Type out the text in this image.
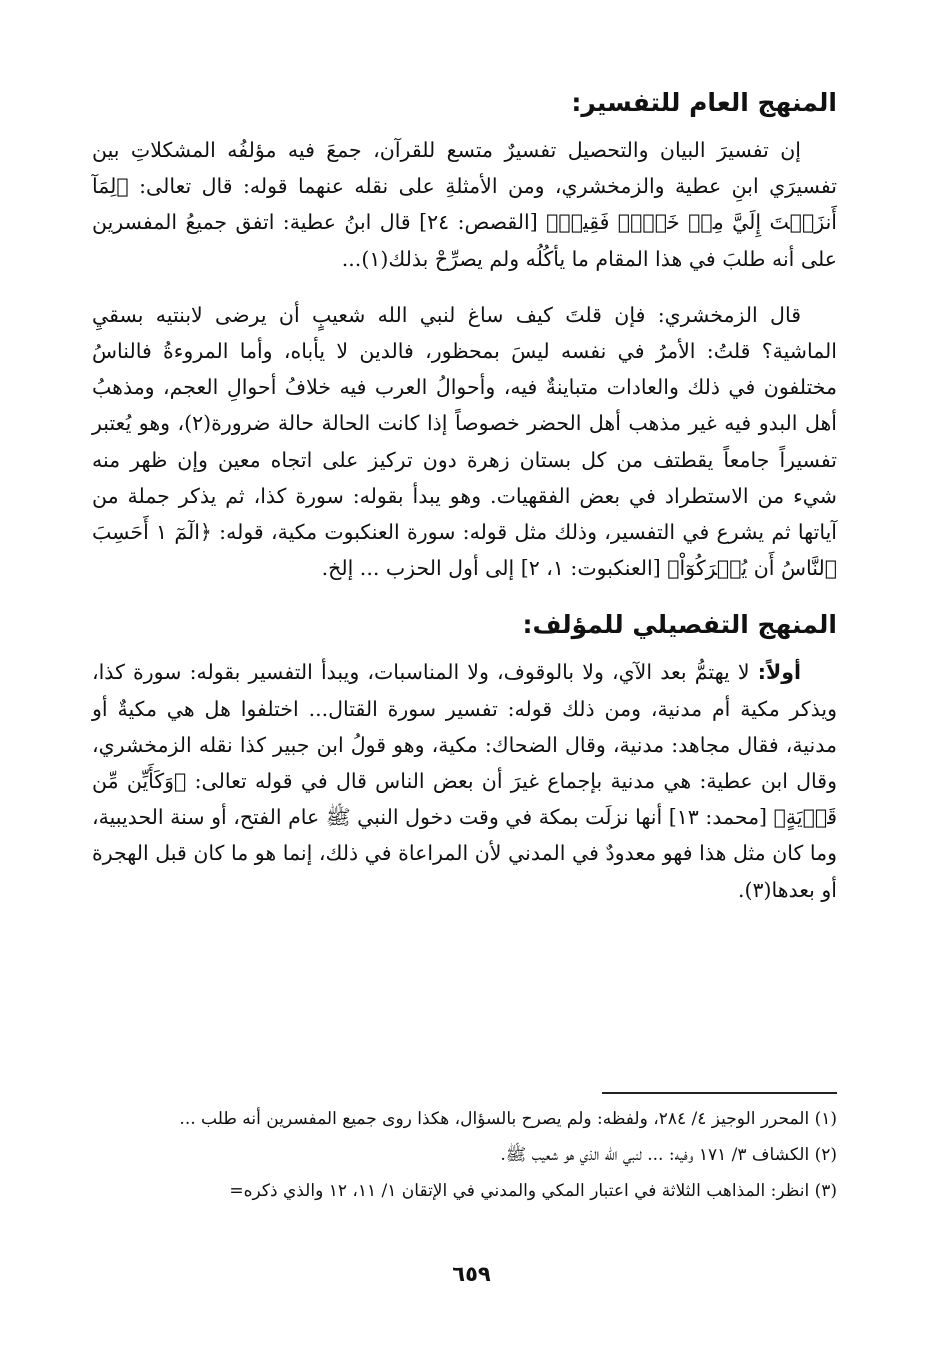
المنهج العام للتفسير:

إن تفسيرَ البيان والتحصيل تفسيرٌ متسع للقرآن، جمعَ فيه مؤلفُه المشكلاتِ بين تفسيرَي ابنِ عطية والزمخشري، ومن الأمثلةِ على نقله عنهما قوله: قال تعالى: ﴿لِمَآ أَنزَلۡتَ إِلَيَّ مِنۡ خَيۡرٖ فَقِيرٞ﴾ [القصص: ٢٤] قال ابنُ عطية: اتفق جميعُ المفسرين على أنه طلبَ في هذا المقام ما يأكُلُه ولم يصرِّحْ بذلك(١)...

قال الزمخشري: فإن قلتَ كيف ساغ لنبي الله شعيبٍ أن يرضى لابنتيه بسقيِ الماشية؟ قلتُ: الأمرُ في نفسه ليسَ بمحظور، فالدين لا يأباه، وأما المروءةُ فالناسُ مختلفون في ذلك والعادات متباينةٌ فيه، وأحوالُ العرب فيه خلافُ أحوالِ العجم، ومذهبُ أهل البدو فيه غير مذهب أهل الحضر خصوصاً إذا كانت الحالة حالة ضرورة(٢)، وهو يُعتبر تفسيراً جامعاً يقطتف من كل بستان زهرة دون تركيز على اتجاه معين وإن ظهر منه شيء من الاستطراد في بعض الفقهيات. وهو يبدأ بقوله: سورة كذا، ثم يذكر جملة من آياتها ثم يشرع في التفسير، وذلك مثل قوله: سورة العنكبوت مكية، قوله: ﴿الٓمٓ ١ أَحَسِبَ ٱلنَّاسُ أَن يُتۡرَكُوٓاْ﴾ [العنكبوت: ١، ٢] إلى أول الحزب ... إلخ.

المنهج التفصيلي للمؤلف:

أولاً: لا يهتمُّ بعد الآي، ولا بالوقوف، ولا المناسبات، ويبدأ التفسير بقوله: سورة كذا، ويذكر مكية أم مدنية، ومن ذلك قوله: تفسير سورة القتال... اختلفوا هل هي مكيةٌ أو مدنية، فقال مجاهد: مدنية، وقال الضحاك: مكية، وهو قولُ ابن جبير كذا نقله الزمخشري، وقال ابن عطية: هي مدنية بإجماع غيرَ أن بعض الناس قال في قوله تعالى: ﴿وَكَأَيِّن مِّن قَرۡيَةٍ﴾ [محمد: ١٣] أنها نزلَت بمكة في وقت دخول النبي ﷺ عام الفتح، أو سنة الحديبية، وما كان مثل هذا فهو معدودٌ في المدني لأن المراعاة في ذلك، إنما هو ما كان قبل الهجرة أو بعدها(٣).

(١) المحرر الوجيز ٤/ ٢٨٤، ولفظه: ولم يصرح بالسؤال، هكذا روى جميع المفسرين أنه طلب ...

(٢) الكشاف ٣/ ١٧١ وفيه: ... لنبي الله الذي هو شعيب ﷺ.

(٣) انظر: المذاهب الثلاثة في اعتبار المكي والمدني في الإتقان ١/ ١١، ١٢ والذي ذكره=

٦٥٩
